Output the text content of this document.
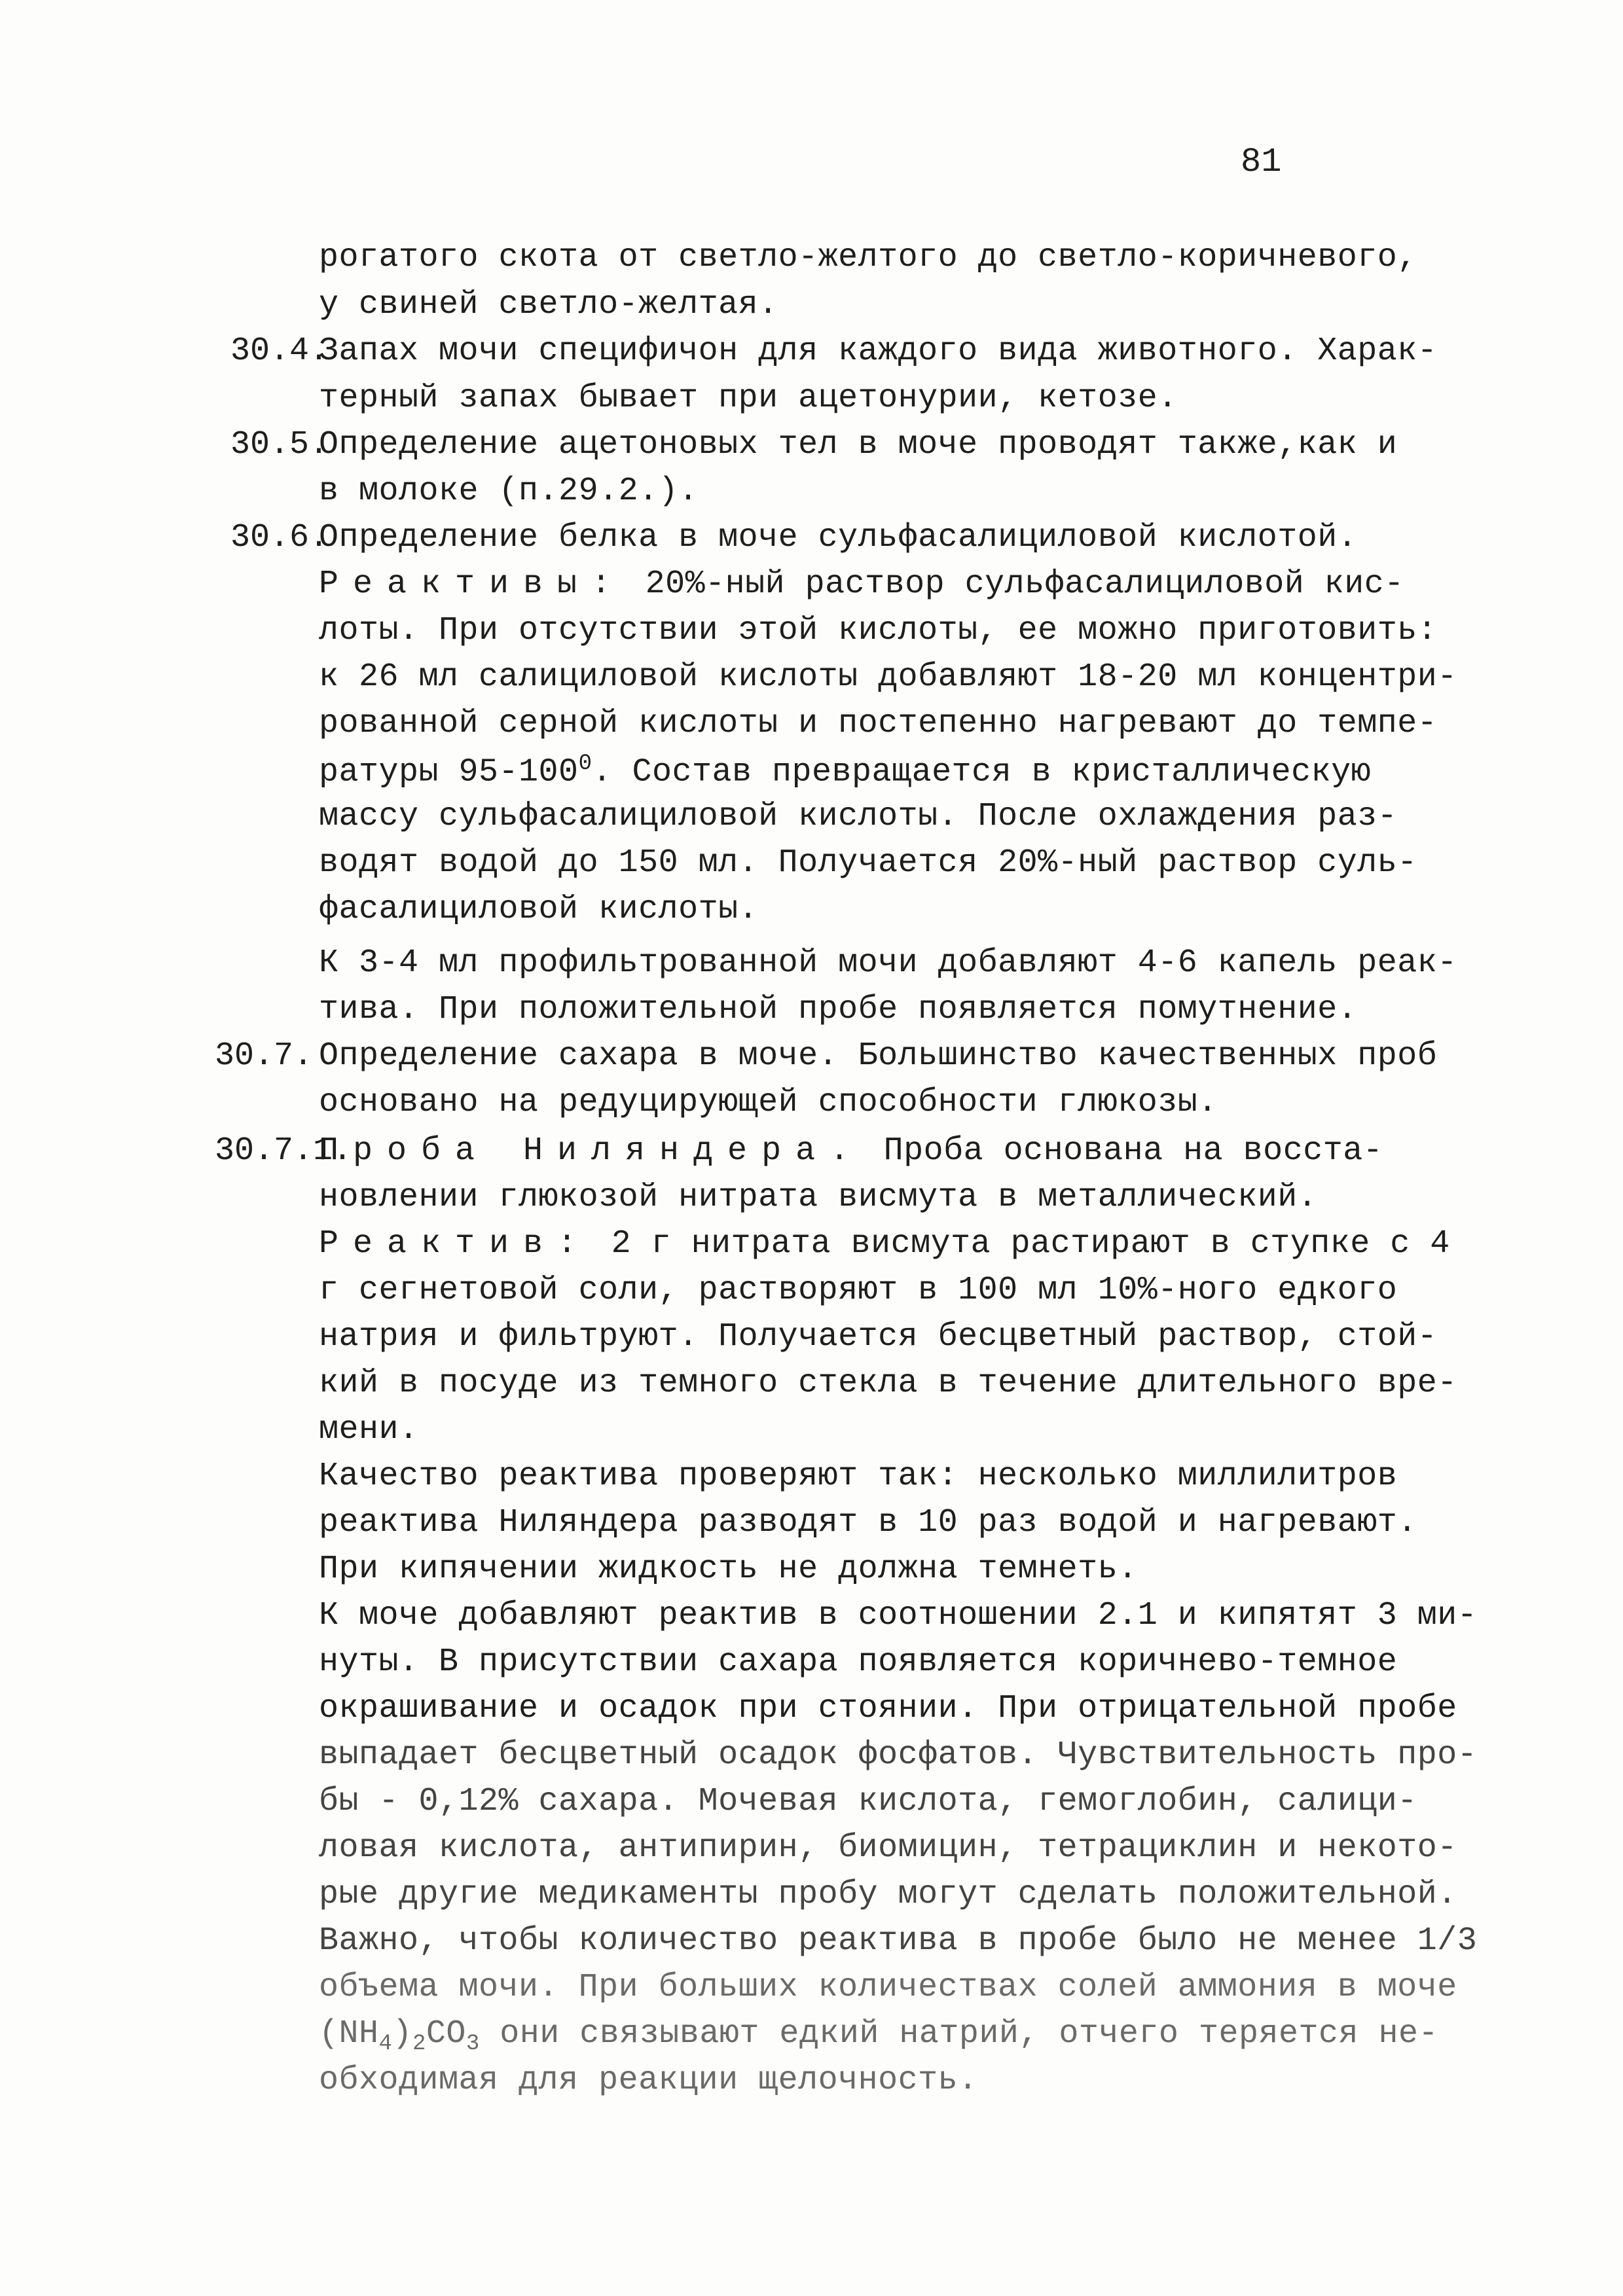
81
рогатого скота от светло-желтого до светло-коричневого,
у свиней светло-желтая.
30.4.
Запах мочи специфичон для каждого вида животного. Харак-
терный запах бывает при ацетонурии, кетозе.
30.5.
Определение ацетоновых тел в моче проводят также,как и
в молоке (п.29.2.).
30.6.
Определение белка в моче сульфасалициловой кислотой.
Реактивы: 20%-ный раствор сульфасалициловой кис-
лоты. При отсутствии этой кислоты, ее можно приготовить:
к 26 мл салициловой кислоты добавляют 18-20 мл концентри-
рованной серной кислоты и постепенно нагревают до темпе-
ратуры $95-100^0$. Состав превращается в кристаллическую
массу сульфасалициловой кислоты. После охлаждения раз-
водят водой до 150 мл. Получается 20%-ный раствор суль-
фасалициловой кислоты.
К 3-4 мл профильтрованной мочи добавляют 4-6 капель реак-
тива. При положительной пробе появляется помутнение.
30.7. Определение сахара в моче. Большинство качественных проб
основано на редуцирующей способности глюкозы.
30.7.1.
Проба Ниляндера. Проба основана на восста-
новлении глюкозой нитрата висмута в металлический.
Реактив: 2 г нитрата висмута растирают в ступке с 4
г сегнетовой соли, растворяют в 100 мл 10%-ного едкого
натрия и фильтруют. Получается бесцветный раствор, стой-
кий в посуде из темного стекла в течение длительного вре-
мени.
Качество реактива проверяют так: несколько миллилитров
реактива Ниляндера разводят в 10 раз водой и нагревают.
При кипячении жидкость не должна темнеть.
К моче добавляют реактив в соотношении 2.1 и кипятят 3 ми-
нуты. В присутствии сахара появляется коричнево-темное
окрашивание и осадок при стоянии. При отрицательной пробе
выпадает бесцветный осадок фосфатов. Чувствительность про-
бы - 0,12% сахара. Мочевая кислота, гемоглобин, салици-
ловая кислота, антипирин, биомицин, тетрациклин и некото-
рые другие медикаменты пробу могут сделать положительной.
Важно, чтобы количество реактива в пробе было не менее 1/3
объема мочи. При больших количествах солей аммония в моче
$(NH_4)_2CO_3$ они связывают едкий натрий, отчего теряется не-
обходимая для реакции щелочность.
